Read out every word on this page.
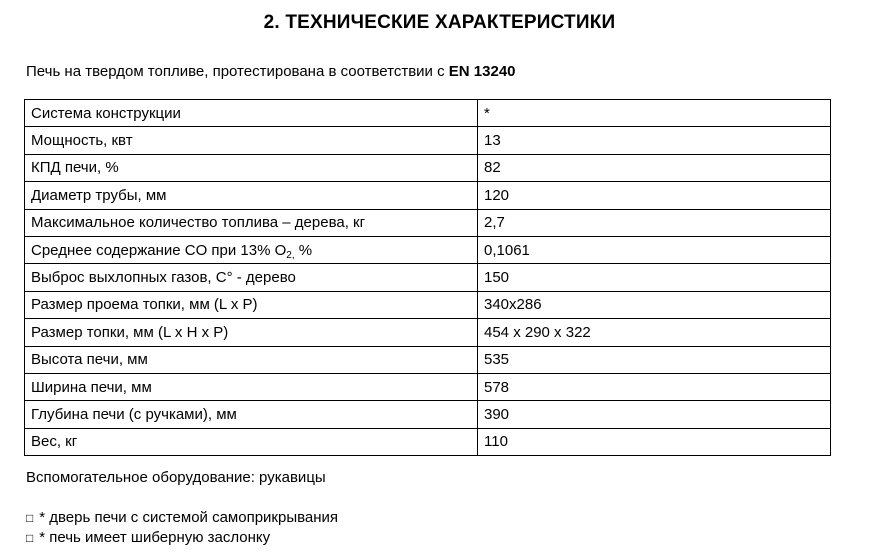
2. ТЕХНИЧЕСКИЕ ХАРАКТЕРИСТИКИ
Печь на твердом топливе, протестирована в соответствии с EN 13240
Система конструкции	*
Мощность, квт	13
КПД печи, %	82
Диаметр трубы, мм	120
Максимальное количество топлива – дерева, кг	2,7
Среднее содержание CO при 13% $O_{2,}$ %	0,1061
Выброс выхлопных газов, C° - дерево	150
Размер проема топки, мм (L x P)	340x286
Размер топки, мм (L x H x P)	454 x 290 x 322
Высота печи, мм	535
Ширина печи, мм	578
Глубина печи (с ручками), мм	390
Вес, кг	110
Вспомогательное оборудование: рукавицы
□ * дверь печи с системой самоприкрывания
□ * печь имеет шиберную заслонку
